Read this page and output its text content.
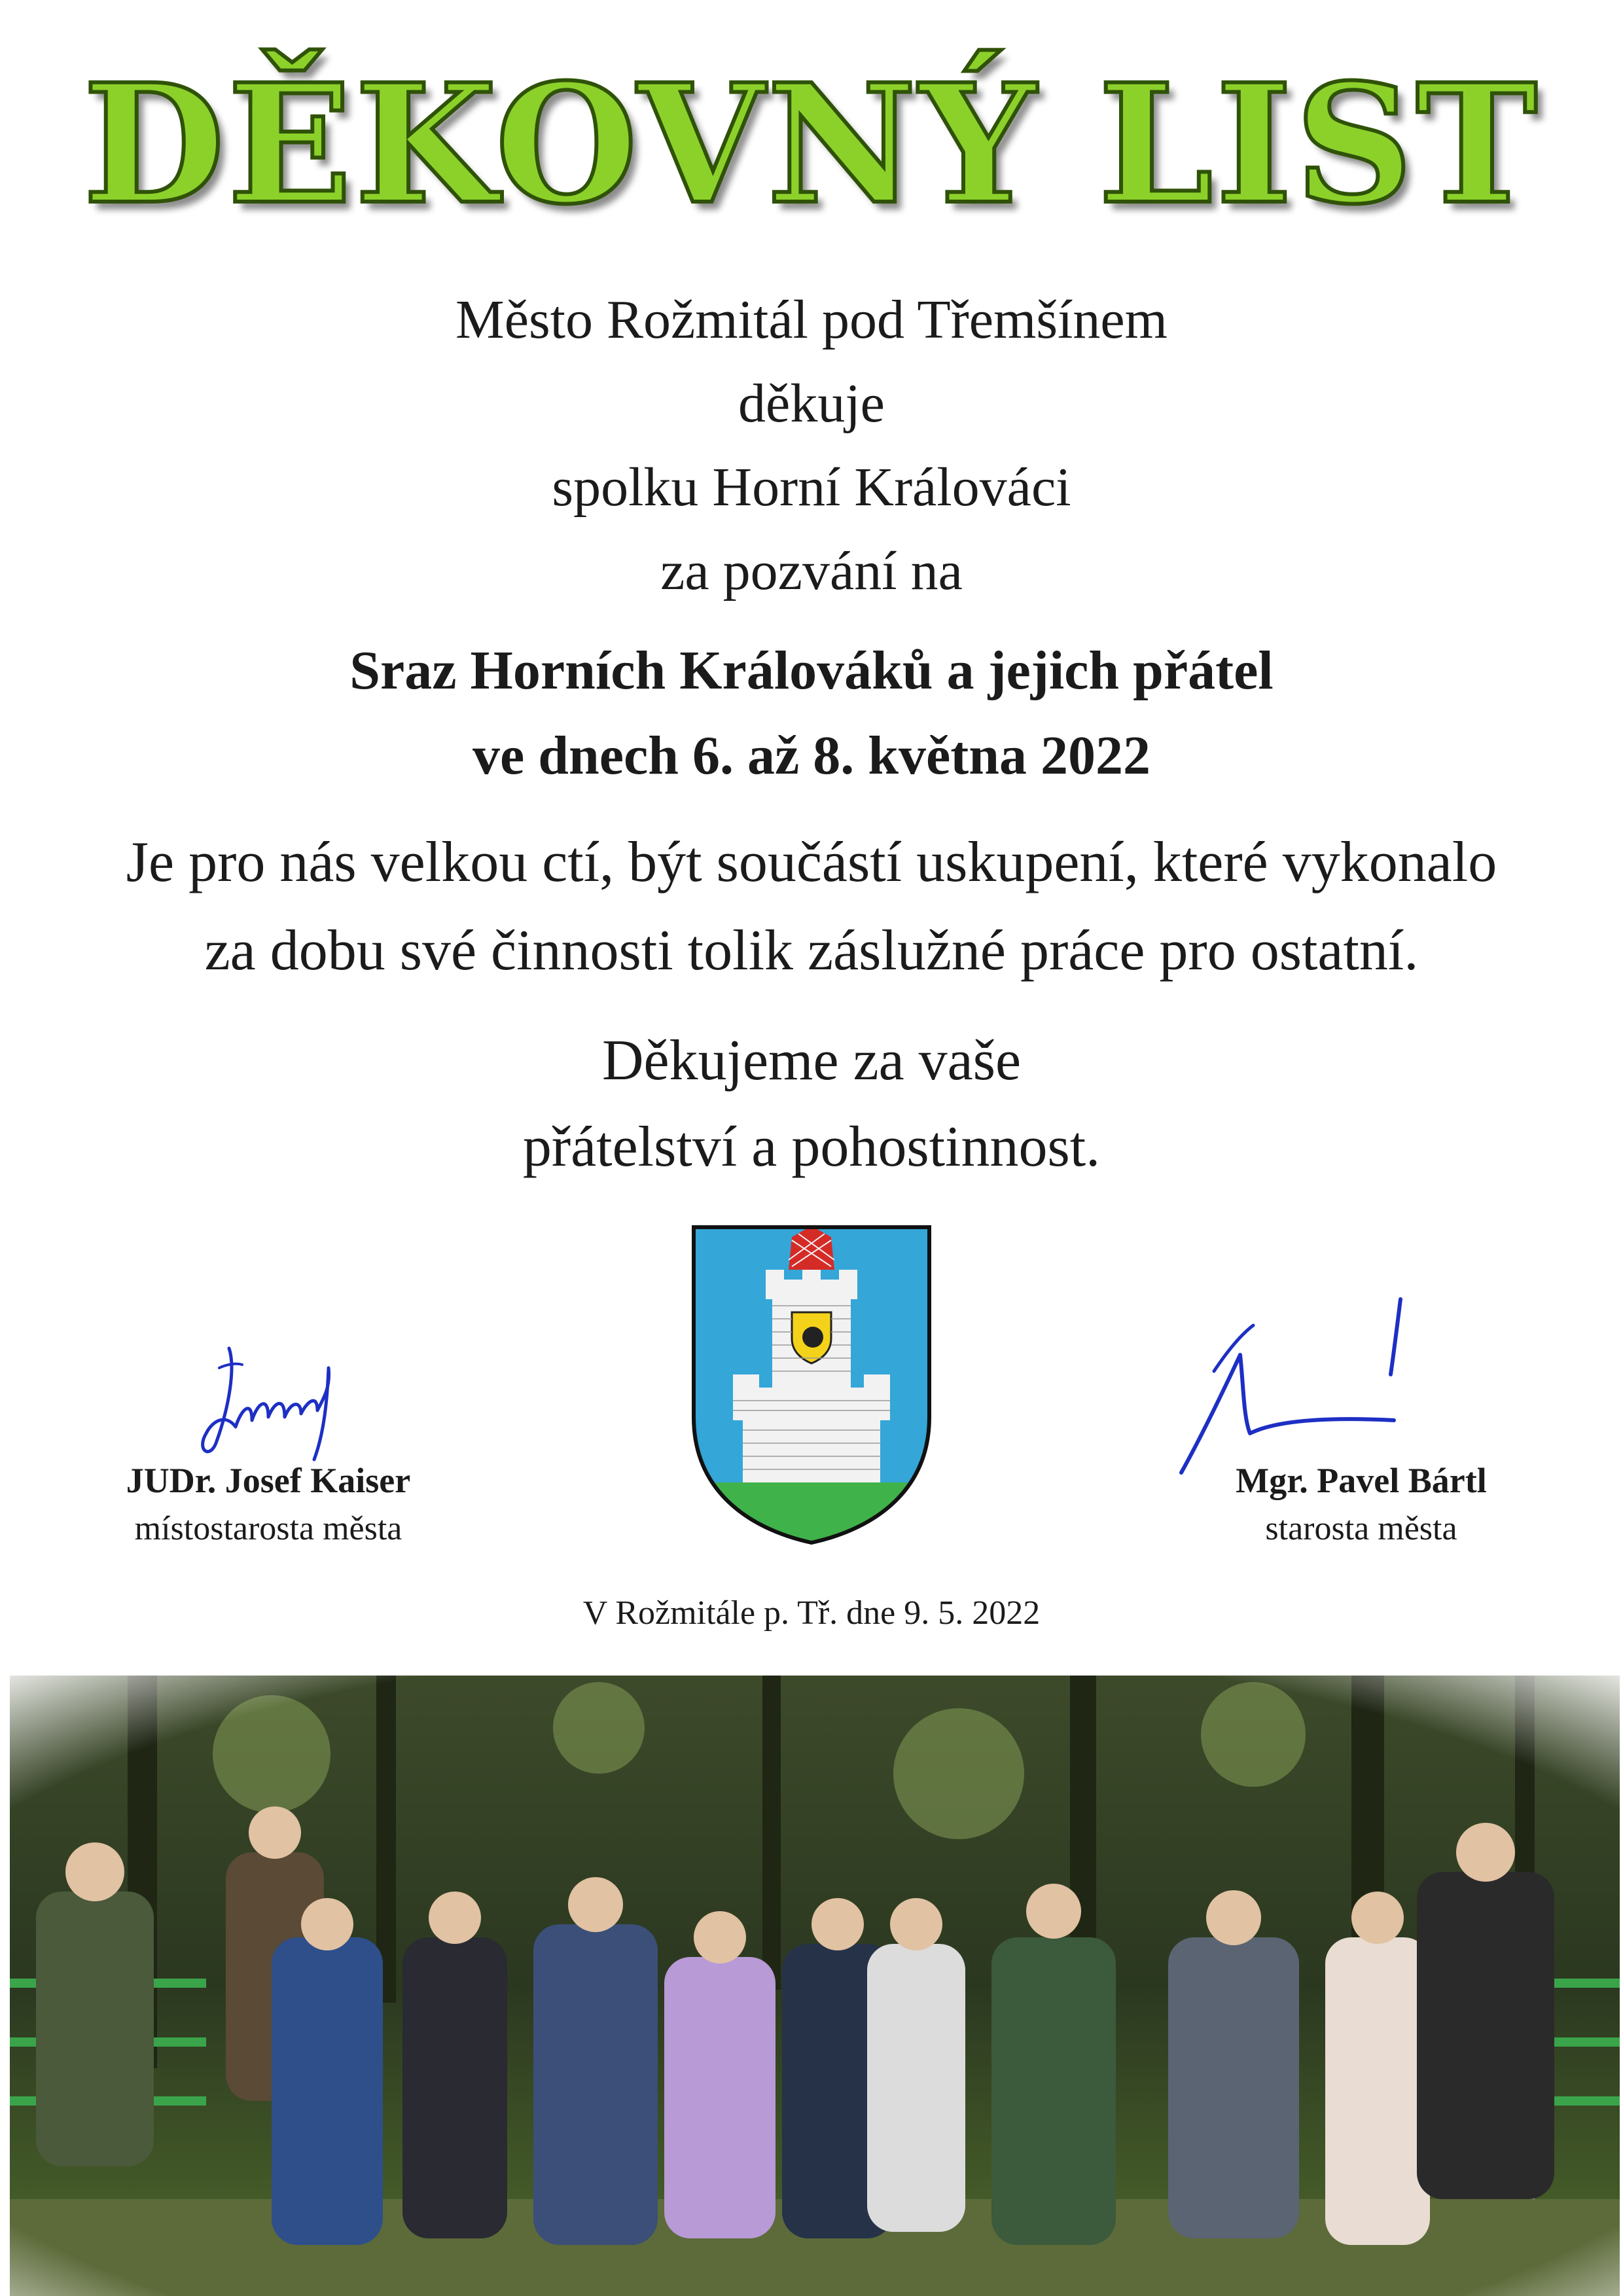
DĚKOVNÝ LIST
Město Rožmitál pod Třemšínem
děkuje
spolku Horní Králováci
za pozvání na
Sraz Horních Králováků a jejich přátel
ve dnech 6. až 8. května 2022
Je pro nás velkou ctí, být součástí uskupení, které vykonalo
za dobu své činnosti tolik záslužné práce pro ostatní.
Děkujeme za vaše
přátelství a pohostinnost.
JUDr. Josef Kaiser
místostarosta města
Mgr. Pavel Bártl
starosta města
V Rožmitále p. Tř. dne 9. 5. 2022
